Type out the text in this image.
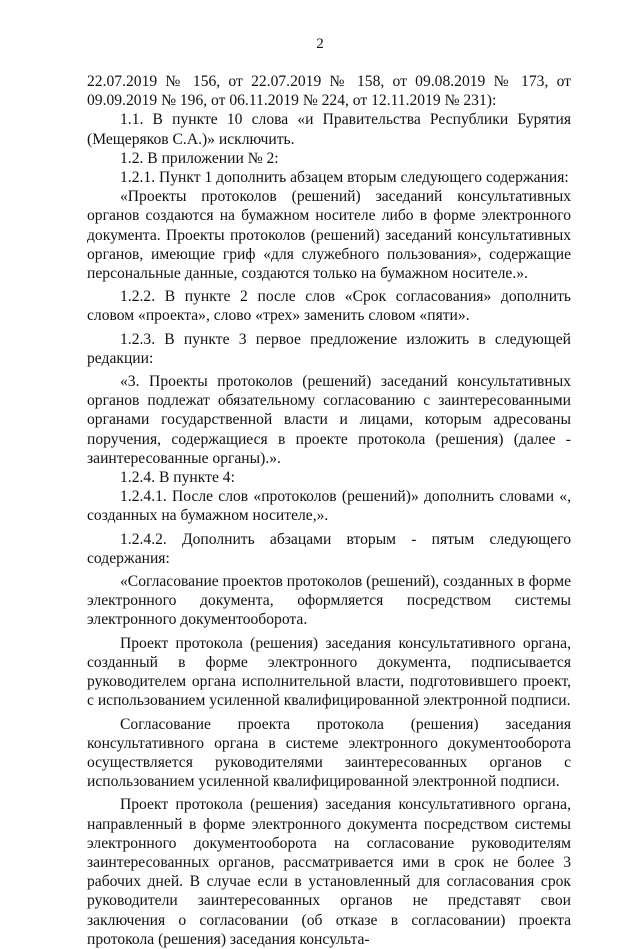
2

22.07.2019 № 156, от 22.07.2019 № 158, от 09.08.2019 № 173, от 09.09.2019 № 196, от 06.11.2019 № 224, от 12.11.2019 № 231):

1.1. В пункте 10 слова «и Правительства Республики Бурятия (Мещеряков С.А.)» исключить.

1.2. В приложении № 2:

1.2.1. Пункт 1 дополнить абзацем вторым следующего содержания:

«Проекты протоколов (решений) заседаний консультативных органов создаются на бумажном носителе либо в форме электронного документа. Проекты протоколов (решений) заседаний консультативных органов, имеющие гриф «для служебного пользования», содержащие персональные данные, создаются только на бумажном носителе.».

1.2.2. В пункте 2 после слов «Срок согласования» дополнить словом «проекта», слово «трех» заменить словом «пяти».

1.2.3. В пункте 3 первое предложение изложить в следующей редакции:

«3. Проекты протоколов (решений) заседаний консультативных органов подлежат обязательному согласованию с заинтересованными органами государственной власти и лицами, которым адресованы поручения, содержащиеся в проекте протокола (решения) (далее - заинтересованные органы).».

1.2.4. В пункте 4:

1.2.4.1. После слов «протоколов (решений)» дополнить словами «, созданных на бумажном носителе,».

1.2.4.2. Дополнить абзацами вторым - пятым следующего содержания:

«Согласование проектов протоколов (решений), созданных в форме электронного документа, оформляется посредством системы электронного документооборота.

Проект протокола (решения) заседания консультативного органа, созданный в форме электронного документа, подписывается руководителем органа исполнительной власти, подготовившего проект, с использованием усиленной квалифицированной электронной подписи.

Согласование проекта протокола (решения) заседания консультативного органа в системе электронного документооборота осуществляется руководителями заинтересованных органов с использованием усиленной квалифицированной электронной подписи.

Проект протокола (решения) заседания консультативного органа, направленный в форме электронного документа посредством системы электронного документооборота на согласование руководителям заинтересованных органов, рассматривается ими в срок не более 3 рабочих дней. В случае если в установленный для согласования срок руководители заинтересованных органов не представят свои заключения о согласовании (об отказе в согласовании) проекта протокола (решения) заседания консульта-
